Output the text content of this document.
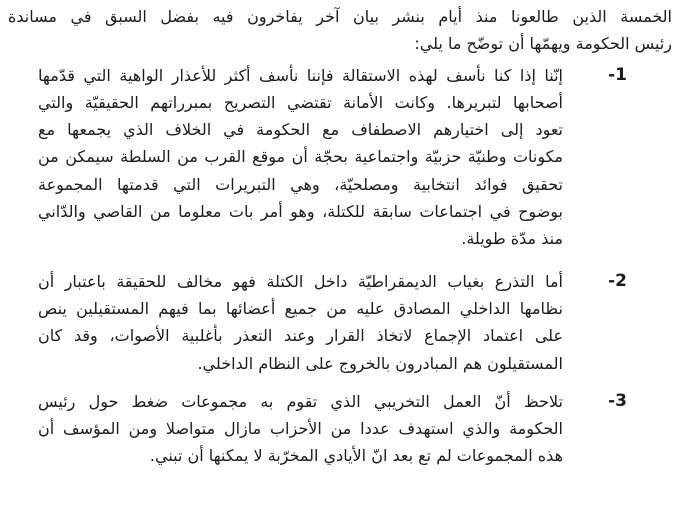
الخمسة الذين طالعونا منذ أيام بنشر بيان آخر يفاخرون فيه بفضل السبق في مساندة
رئيس الحكومة ويهمّها أن توضّح ما يلي:
1-
إنّنا إذا كنا نأسف لهذه الاستقالة فإننا نأسف أكثر للأعذار الواهية التي قدّمها
أصحابها لتبريرها. وكانت الأمانة تقتضي التصريح بمبرراتهم الحقيقيّة والتي
تعود إلى اختيارهم الاصطفاف مع الحكومة في الخلاف الذي يجمعها مع
مكونات وطنيّة حزبيّة واجتماعية بحجّة أن موقع القرب من السلطة سيمكن من
تحقيق فوائد انتخابية ومصلحيّة، وهي التبريرات التي قدمتها المجموعة
بوضوح في اجتماعات سابقة للكتلة، وهو أمر بات معلوما من القاصي والدّاني
منذ مدّة طويلة.
2-
أما التذرع بغياب الديمقراطيّة داخل الكتلة فهو مخالف للحقيقة باعتبار أن
نظامها الداخلي المصادق عليه من جميع أعضائها بما فيهم المستقيلين ينص
على اعتماد الإجماع لاتخاذ القرار وعند التعذر بأغلبية الأصوات، وقد كان
المستقيلون هم المبادرون بالخروج على النظام الداخلي.
3-
تلاحظ أنّ العمل التخريبي الذي تقوم به مجموعات ضغط حول رئيس
الحكومة والذي استهدف عددا من الأحزاب مازال متواصلا ومن المؤسف أن
هذه المجموعات لم تع بعد انّ الأيادي المخرّبة لا يمكنها أن تبني.
